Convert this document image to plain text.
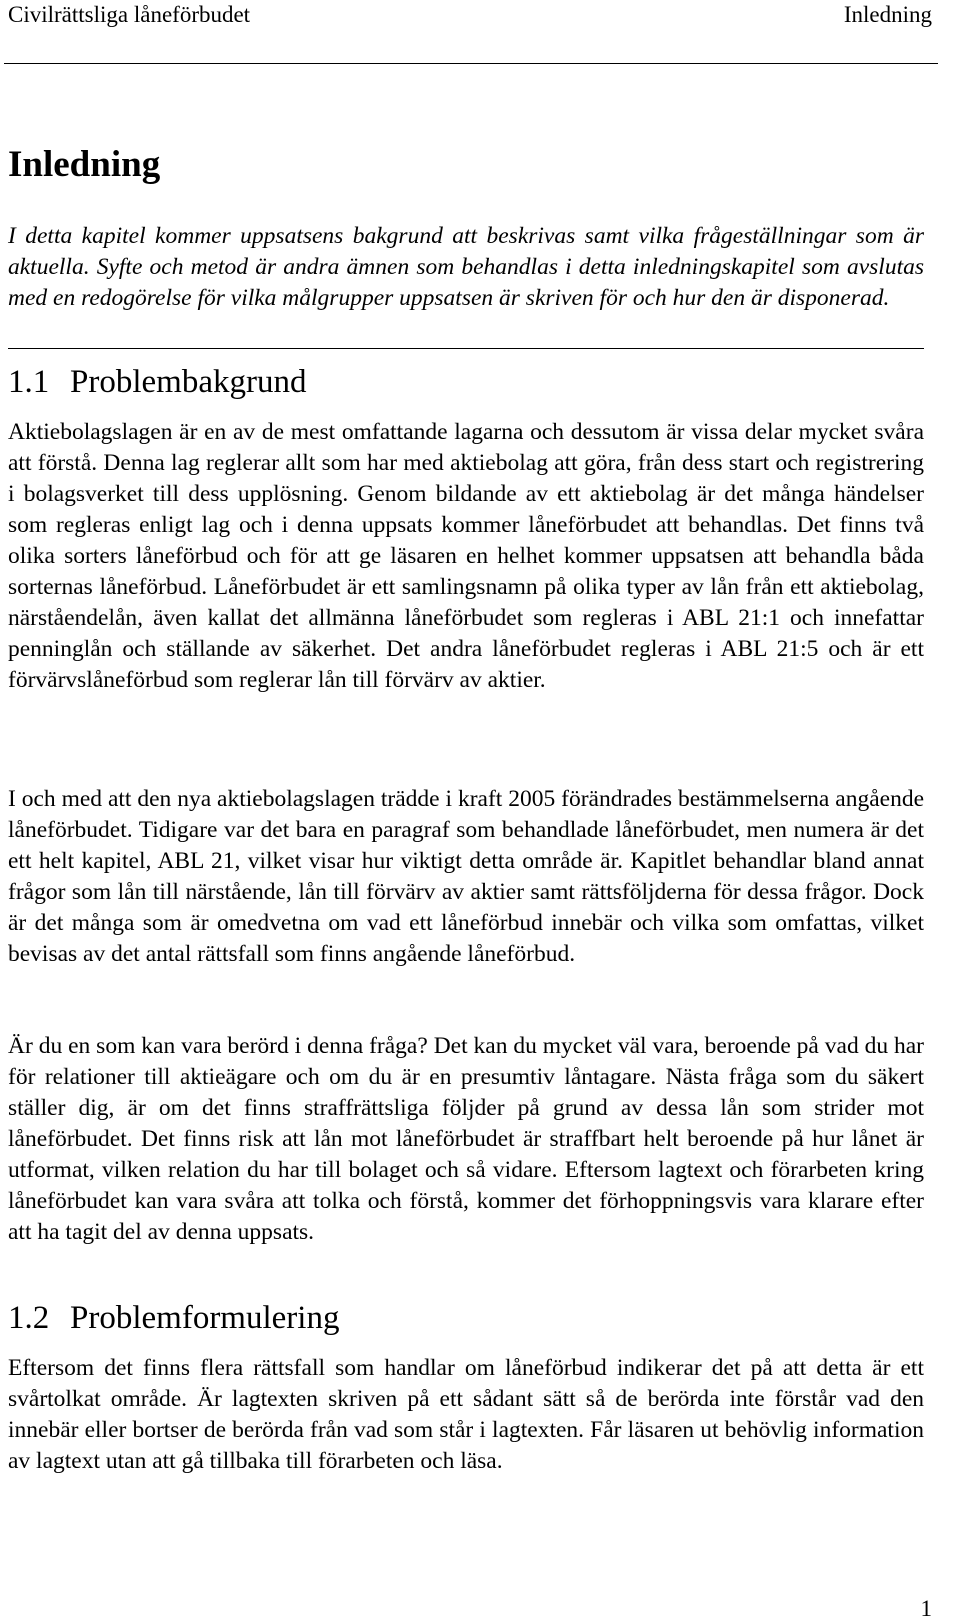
Civilrättsliga låneförbudet	Inledning
Inledning

I detta kapitel kommer uppsatsens bakgrund att beskrivas samt vilka frågeställningar som är aktuella. Syfte och metod är andra ämnen som behandlas i detta inledningskapitel som avslutas med en redogörelse för vilka målgrupper uppsatsen är skriven för och hur den är disponerad.

1.1 Problembakgrund

Aktiebolagslagen är en av de mest omfattande lagarna och dessutom är vissa delar mycket svåra att förstå. Denna lag reglerar allt som har med aktiebolag att göra, från dess start och registrering i bolagsverket till dess upplösning. Genom bildande av ett aktiebolag är det många händelser som regleras enligt lag och i denna uppsats kommer låneförbudet att behandlas. Det finns två olika sorters låneförbud och för att ge läsaren en helhet kommer uppsatsen att behandla båda sorternas låneförbud. Låneförbudet är ett samlingsnamn på olika typer av lån från ett aktiebolag, närståendelån, även kallat det allmänna låneförbudet som regleras i ABL 21:1 och innefattar penninglån och ställande av säkerhet. Det andra låneförbudet regleras i ABL 21:5 och är ett förvärvslåneförbud som reglerar lån till förvärv av aktier.

I och med att den nya aktiebolagslagen trädde i kraft 2005 förändrades bestämmelserna angående låneförbudet. Tidigare var det bara en paragraf som behandlade låneförbudet, men numera är det ett helt kapitel, ABL 21, vilket visar hur viktigt detta område är. Kapitlet behandlar bland annat frågor som lån till närstående, lån till förvärv av aktier samt rättsföljderna för dessa frågor. Dock är det många som är omedvetna om vad ett låneförbud innebär och vilka som omfattas, vilket bevisas av det antal rättsfall som finns angående låneförbud.

Är du en som kan vara berörd i denna fråga? Det kan du mycket väl vara, beroende på vad du har för relationer till aktieägare och om du är en presumtiv låntagare. Nästa fråga som du säkert ställer dig, är om det finns straffrättsliga följder på grund av dessa lån som strider mot låneförbudet. Det finns risk att lån mot låneförbudet är straffbart helt beroende på hur lånet är utformat, vilken relation du har till bolaget och så vidare. Eftersom lagtext och förarbeten kring låneförbudet kan vara svåra att tolka och förstå, kommer det förhoppningsvis vara klarare efter att ha tagit del av denna uppsats.

1.2 Problemformulering

Eftersom det finns flera rättsfall som handlar om låneförbud indikerar det på att detta är ett svårtolkat område. Är lagtexten skriven på ett sådant sätt så de berörda inte förstår vad den innebär eller bortser de berörda från vad som står i lagtexten. Får läsaren ut behövlig information av lagtext utan att gå tillbaka till förarbeten och läsa.

1
